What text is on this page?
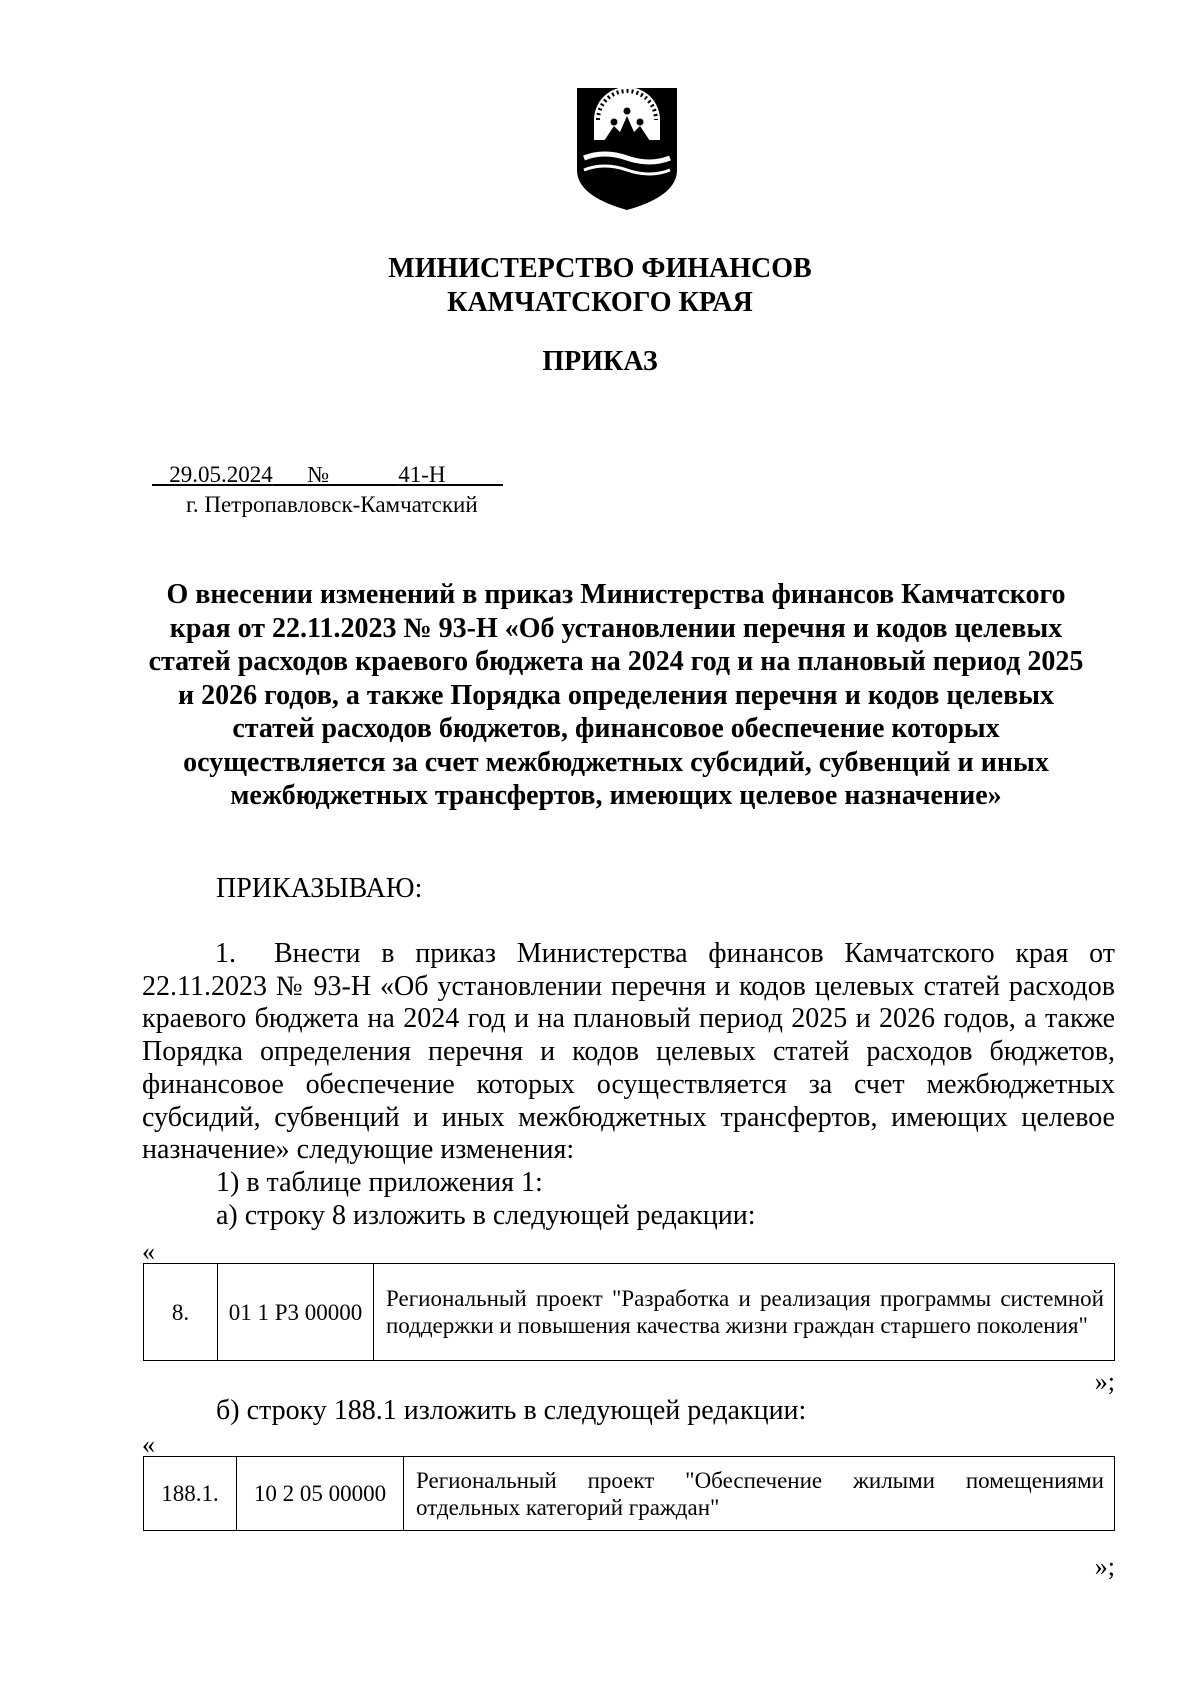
МИНИСТЕРСТВО ФИНАНСОВ
КАМЧАТСКОГО КРАЯ
ПРИКАЗ
29.05.2024 №	41-Н
г. Петропавловск-Камчатский
О внесении изменений в приказ Министерства финансов Камчатского края от 22.11.2023 № 93-Н «Об установлении перечня и кодов целевых статей расходов краевого бюджета на 2024 год и на плановый период 2025 и 2026 годов, а также Порядка определения перечня и кодов целевых статей расходов бюджетов, финансовое обеспечение которых осуществляется за счет межбюджетных субсидий, субвенций и иных межбюджетных трансфертов, имеющих целевое назначение»
ПРИКАЗЫВАЮ:
1. Внести в приказ Министерства финансов Камчатского края от 22.11.2023 № 93-Н «Об установлении перечня и кодов целевых статей расходов краевого бюджета на 2024 год и на плановый период 2025 и 2026 годов, а также Порядка определения перечня и кодов целевых статей расходов бюджетов, финансовое обеспечение которых осуществляется за счет межбюджетных субсидий, субвенций и иных межбюджетных трансфертов, имеющих целевое назначение» следующие изменения:
1) в таблице приложения 1:
а) строку 8 изложить в следующей редакции:
«
8.	01 1 Р3 00000	Региональный проект "Разработка и реализация программы системной поддержки и повышения качества жизни граждан старшего поколения"
»;
б) строку 188.1 изложить в следующей редакции:
«
188.1.	10 2 05 00000	Региональный проект "Обеспечение жилыми помещениями отдельных категорий граждан"
»;
